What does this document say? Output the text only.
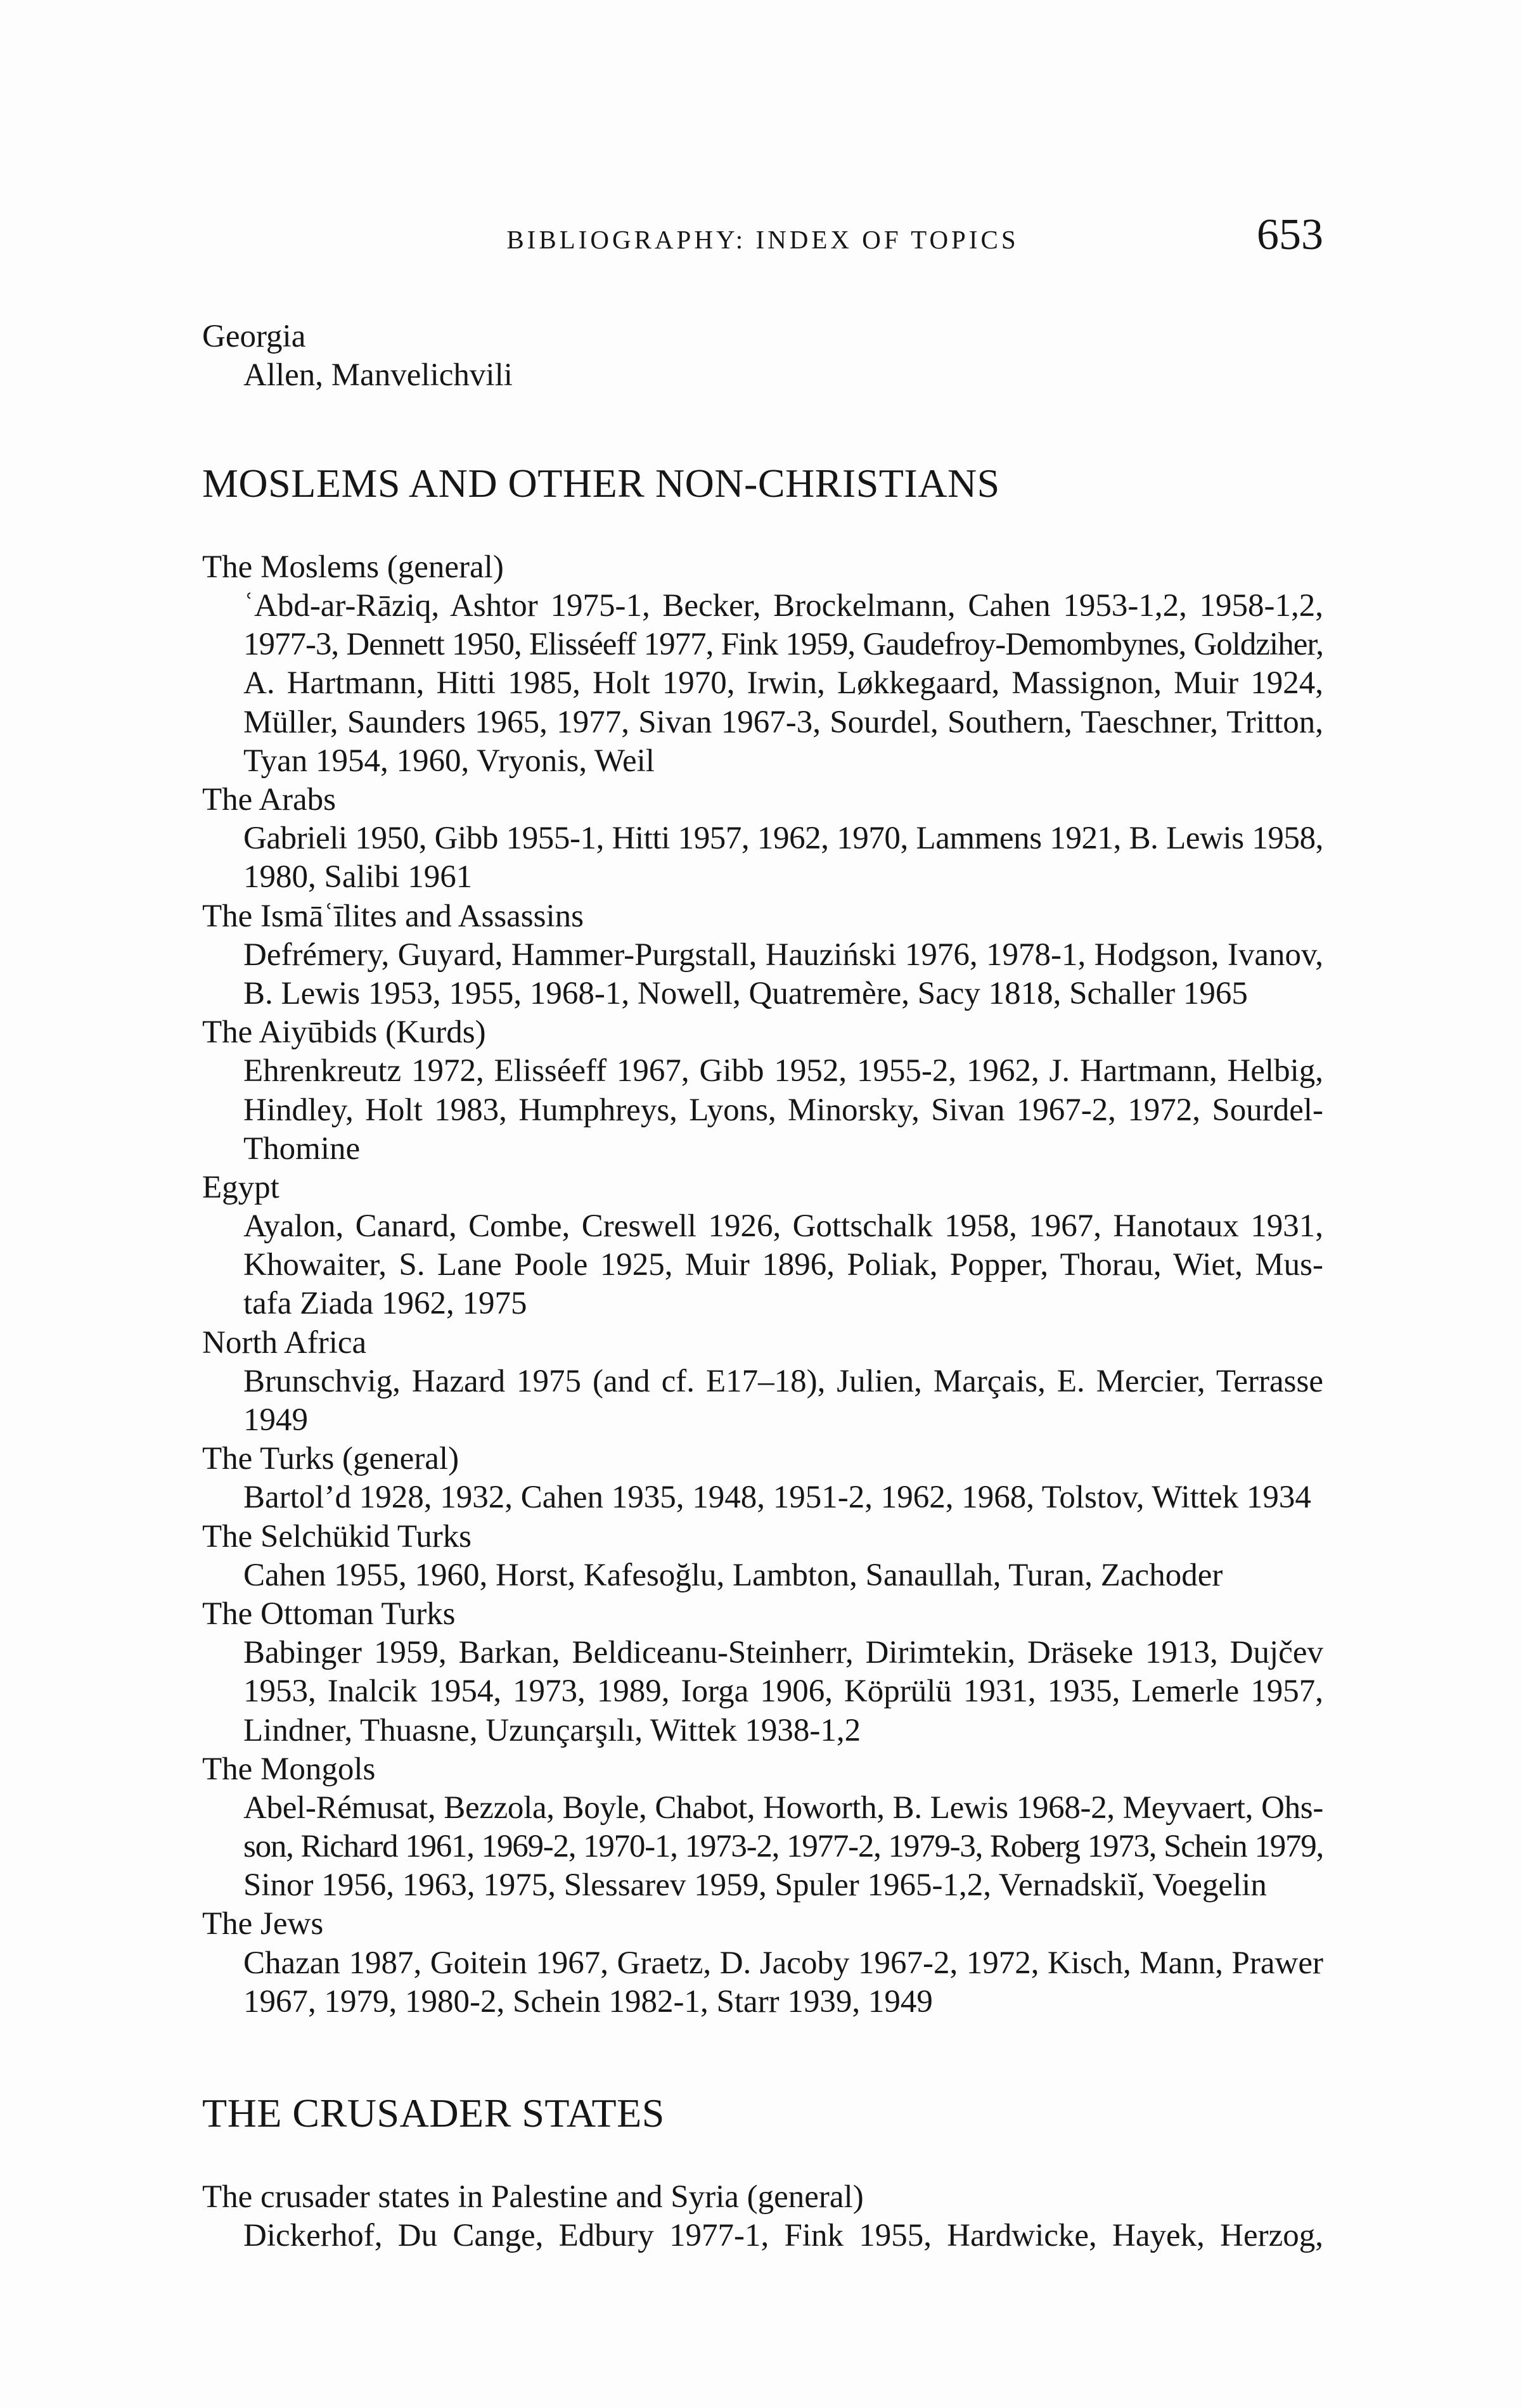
BIBLIOGRAPHY: INDEX OF TOPICS	653
Georgia
Allen, Manvelichvili
MOSLEMS AND OTHER NON-CHRISTIANS
The Moslems (general)
ʿAbd-ar-Rāziq, Ashtor 1975-1, Becker, Brockelmann, Cahen 1953-1,2, 1958-1,2,
1977-3, Dennett 1950, Elisséeff 1977, Fink 1959, Gaudefroy-Demombynes, Goldziher,
A. Hartmann, Hitti 1985, Holt 1970, Irwin, Løkkegaard, Massignon, Muir 1924,
Müller, Saunders 1965, 1977, Sivan 1967-3, Sourdel, Southern, Taeschner, Tritton,
Tyan 1954, 1960, Vryonis, Weil
The Arabs
Gabrieli 1950, Gibb 1955-1, Hitti 1957, 1962, 1970, Lammens 1921, B. Lewis 1958,
1980, Salibi 1961
The Ismāʿīlites and Assassins
Defrémery, Guyard, Hammer-Purgstall, Hauziński 1976, 1978-1, Hodgson, Ivanov,
B. Lewis 1953, 1955, 1968-1, Nowell, Quatremère, Sacy 1818, Schaller 1965
The Aiyūbids (Kurds)
Ehrenkreutz 1972, Elisséeff 1967, Gibb 1952, 1955-2, 1962, J. Hartmann, Helbig,
Hindley, Holt 1983, Humphreys, Lyons, Minorsky, Sivan 1967-2, 1972, Sourdel-
Thomine
Egypt
Ayalon, Canard, Combe, Creswell 1926, Gottschalk 1958, 1967, Hanotaux 1931,
Khowaiter, S. Lane Poole 1925, Muir 1896, Poliak, Popper, Thorau, Wiet, Mus-
tafa Ziada 1962, 1975
North Africa
Brunschvig, Hazard 1975 (and cf. E17–18), Julien, Marçais, E. Mercier, Terrasse
1949
The Turks (general)
Bartol’d 1928, 1932, Cahen 1935, 1948, 1951-2, 1962, 1968, Tolstov, Wittek 1934
The Selchükid Turks
Cahen 1955, 1960, Horst, Kafesoğlu, Lambton, Sanaullah, Turan, Zachoder
The Ottoman Turks
Babinger 1959, Barkan, Beldiceanu-Steinherr, Dirimtekin, Dräseke 1913, Dujčev
1953, Inalcik 1954, 1973, 1989, Iorga 1906, Köprülü 1931, 1935, Lemerle 1957,
Lindner, Thuasne, Uzunçarşılı, Wittek 1938-1,2
The Mongols
Abel-Rémusat, Bezzola, Boyle, Chabot, Howorth, B. Lewis 1968-2, Meyvaert, Ohs-
son, Richard 1961, 1969-2, 1970-1, 1973-2, 1977-2, 1979-3, Roberg 1973, Schein 1979,
Sinor 1956, 1963, 1975, Slessarev 1959, Spuler 1965-1,2, Vernadskiĭ, Voegelin
The Jews
Chazan 1987, Goitein 1967, Graetz, D. Jacoby 1967-2, 1972, Kisch, Mann, Prawer
1967, 1979, 1980-2, Schein 1982-1, Starr 1939, 1949
THE CRUSADER STATES
The crusader states in Palestine and Syria (general)
Dickerhof, Du Cange, Edbury 1977-1, Fink 1955, Hardwicke, Hayek, Herzog,
